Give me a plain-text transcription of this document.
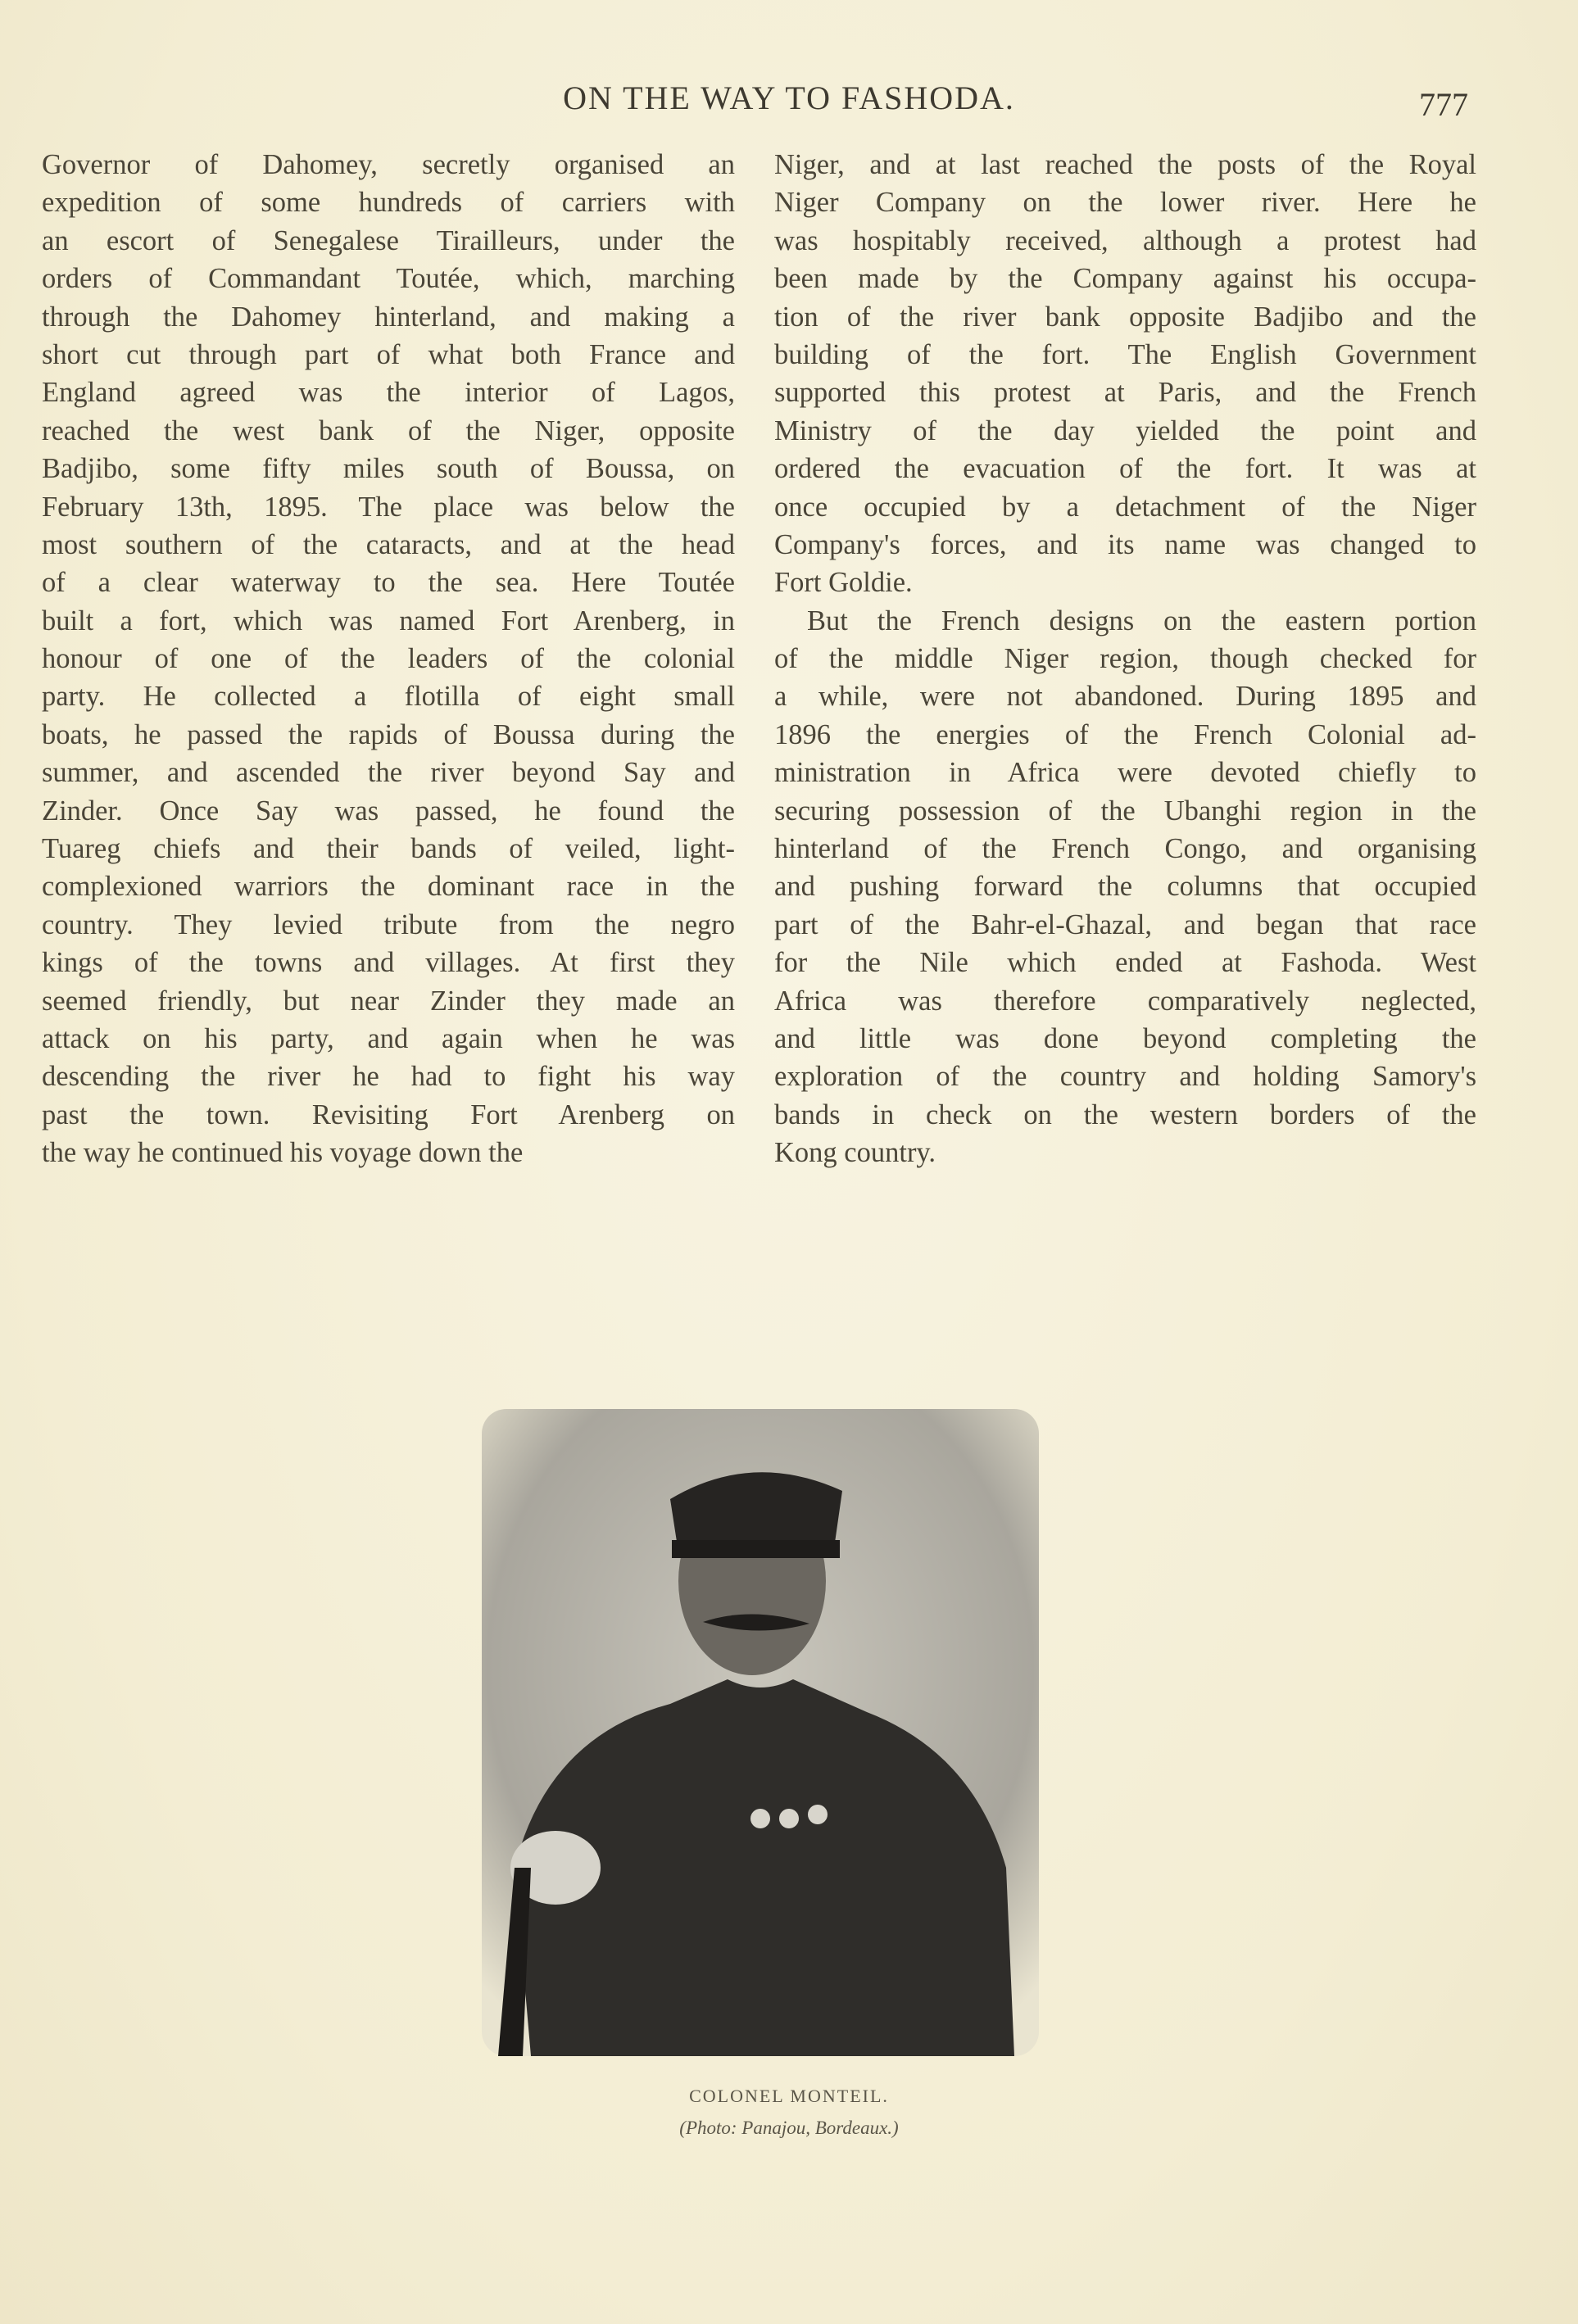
ON THE WAY TO FASHODA.	777
Governor of Dahomey, secretly organised an
expedition of some hundreds of carriers with
an escort of Senegalese Tirailleurs, under the
orders of Commandant Toutée, which, marching
through the Dahomey hinterland, and making a
short cut through part of what both France and
England agreed was the interior of Lagos,
reached the west bank of the Niger, opposite
Badjibo, some fifty miles south of Boussa, on
February 13th, 1895. The place was below the
most southern of the cataracts, and at the head
of a clear waterway to the sea. Here Toutée
built a fort, which was named Fort Arenberg, in
honour of one of the leaders of the colonial
party. He collected a flotilla of eight small
boats, he passed the rapids of Boussa during the
summer, and ascended the river beyond Say and
Zinder. Once Say was passed, he found the
Tuareg chiefs and their bands of veiled, light-
complexioned warriors the dominant race in the
country. They levied tribute from the negro
kings of the towns and villages. At first they
seemed friendly, but near Zinder they made an
attack on his party, and again when he was
descending the river he had to fight his way
past the town. Revisiting Fort Arenberg on
the way he continued his voyage down the
Niger, and at last reached the posts of the Royal
Niger Company on the lower river. Here he
was hospitably received, although a protest had
been made by the Company against his occupa-
tion of the river bank opposite Badjibo and the
building of the fort. The English Government
supported this protest at Paris, and the French
Ministry of the day yielded the point and
ordered the evacuation of the fort. It was at
once occupied by a detachment of the Niger
Company's forces, and its name was changed to
Fort Goldie.
But the French designs on the eastern portion
of the middle Niger region, though checked for
a while, were not abandoned. During 1895 and
1896 the energies of the French Colonial ad-
ministration in Africa were devoted chiefly to
securing possession of the Ubanghi region in the
hinterland of the French Congo, and organising
and pushing forward the columns that occupied
part of the Bahr-el-Ghazal, and began that race
for the Nile which ended at Fashoda. West
Africa was therefore comparatively neglected,
and little was done beyond completing the
exploration of the country and holding Samory's
bands in check on the western borders of the
Kong country.
COLONEL MONTEIL.
(Photo: Panajou, Bordeaux.)
